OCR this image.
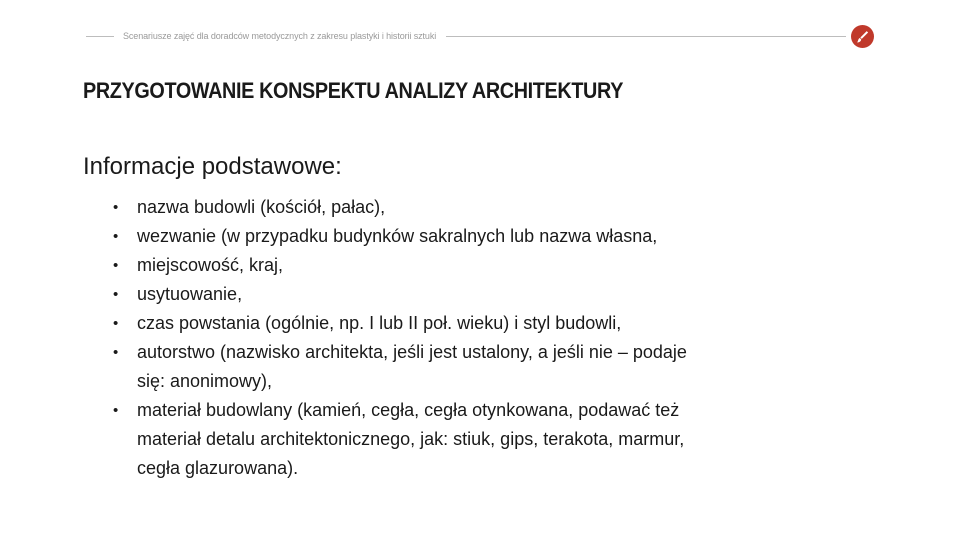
Scenariusze zajęć dla doradców metodycznych z zakresu plastyki i historii sztuki
PRZYGOTOWANIE KONSPEKTU ANALIZY ARCHITEKTURY
Informacje podstawowe:
• nazwa budowli (kościół, pałac),
• wezwanie (w przypadku budynków sakralnych lub nazwa własna,
• miejscowość, kraj,
• usytuowanie,
• czas powstania (ogólnie, np. I lub II poł. wieku) i styl budowli,
• autorstwo (nazwisko architekta, jeśli jest ustalony, a jeśli nie – podaje
się: anonimowy),
• materiał budowlany (kamień, cegła, cegła otynkowana, podawać też
materiał detalu architektonicznego, jak: stiuk, gips, terakota, marmur,
cegła glazurowana).
